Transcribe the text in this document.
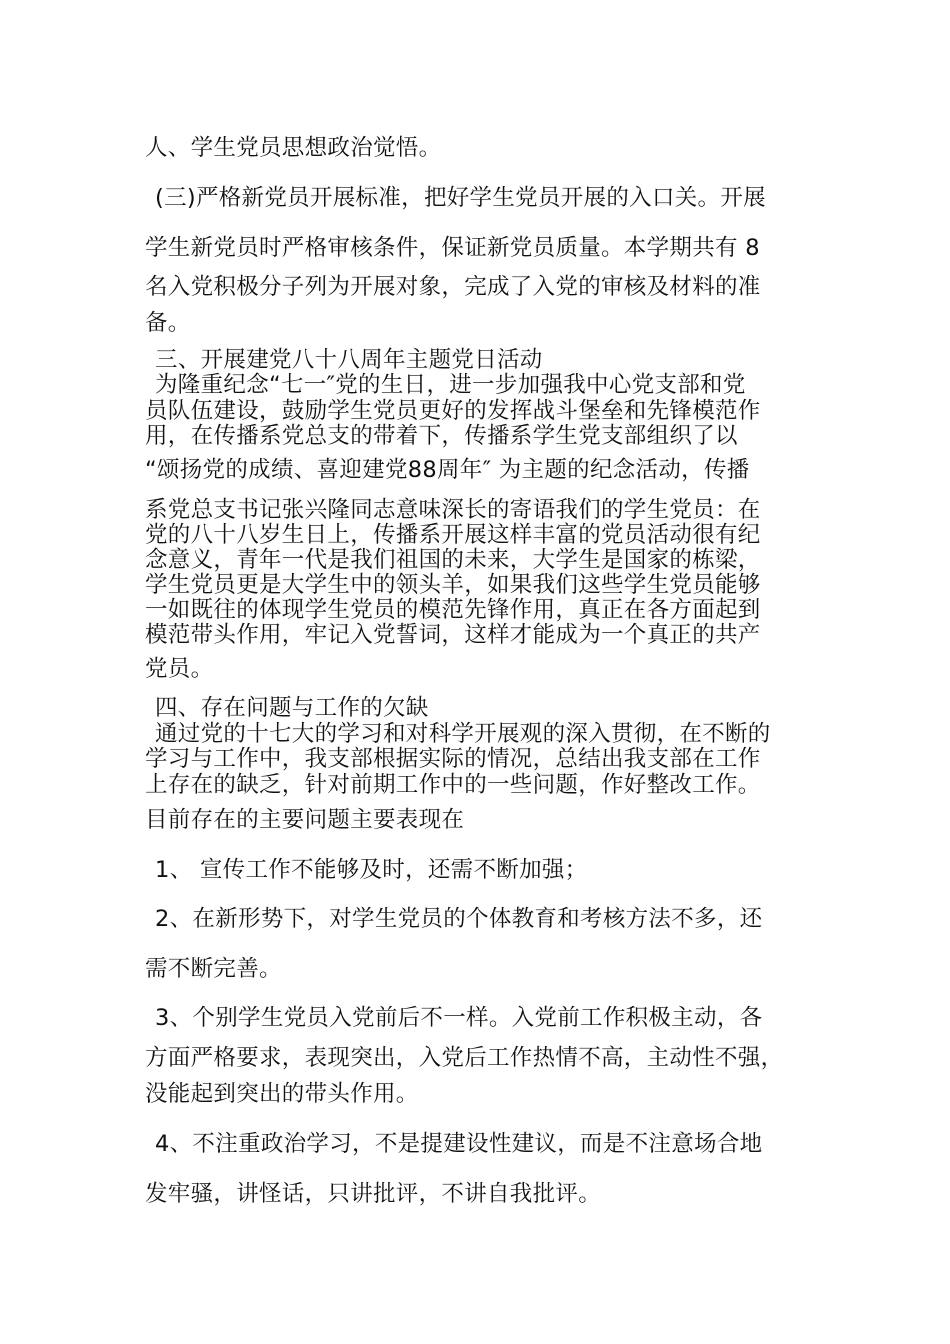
人、学生党员思想政治觉悟。
(三)严格新党员开展标准，把好学生党员开展的入口关。开展
学生新党员时严格审核条件，保证新党员质量。本学期共有 8
名入党积极分子列为开展对象，完成了入党的审核及材料的准
备。
三、开展建党八十八周年主题党日活动
为隆重纪念“七一″党的生日，进一步加强我中心党支部和党
员队伍建设，鼓励学生党员更好的发挥战斗堡垒和先锋模范作
用，在传播系党总支的带着下，传播系学生党支部组织了以
“颂扬党的成绩、喜迎建党88周年″ 为主题的纪念活动，传播
系党总支书记张兴隆同志意味深长的寄语我们的学生党员：在
党的八十八岁生日上，传播系开展这样丰富的党员活动很有纪
念意义，青年一代是我们祖国的未来，大学生是国家的栋梁，
学生党员更是大学生中的领头羊，如果我们这些学生党员能够
一如既往的体现学生党员的模范先锋作用，真正在各方面起到
模范带头作用，牢记入党誓词，这样才能成为一个真正的共产
党员。
四、存在问题与工作的欠缺
通过党的十七大的学习和对科学开展观的深入贯彻，在不断的
学习与工作中，我支部根据实际的情况，总结出我支部在工作
上存在的缺乏，针对前期工作中的一些问题，作好整改工作。
目前存在的主要问题主要表现在
1、 宣传工作不能够及时，还需不断加强；
2、在新形势下，对学生党员的个体教育和考核方法不多，还
需不断完善。
3、个别学生党员入党前后不一样。入党前工作积极主动，各
方面严格要求，表现突出，入党后工作热情不高，主动性不强，
没能起到突出的带头作用。
4、不注重政治学习，不是提建设性建议，而是不注意场合地
发牢骚，讲怪话，只讲批评，不讲自我批评。
